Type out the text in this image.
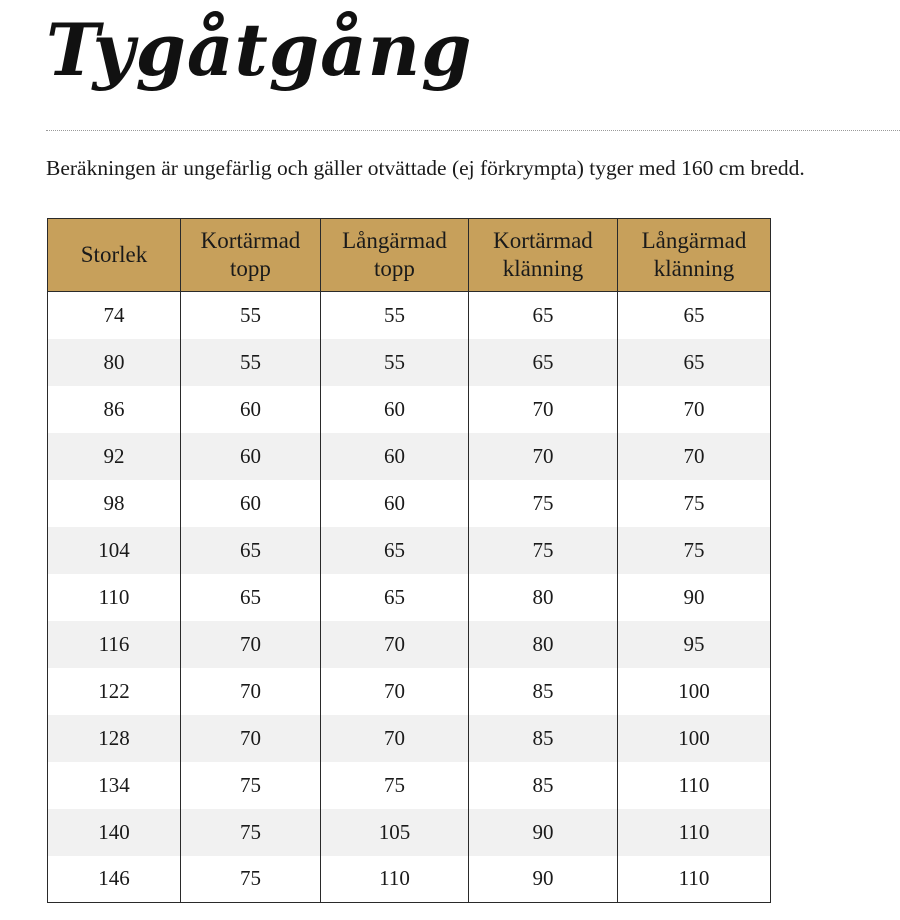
Tygåtgång

Beräkningen är ungefärlig och gäller otvättade (ej förkrympta) tyger med 160 cm bredd.

Storlek	Kortärmad topp	Långärmad topp	Kortärmad klänning	Långärmad klänning
74	55	55	65	65
80	55	55	65	65
86	60	60	70	70
92	60	60	70	70
98	60	60	75	75
104	65	65	75	75
110	65	65	80	90
116	70	70	80	95
122	70	70	85	100
128	70	70	85	100
134	75	75	85	110
140	75	105	90	110
146	75	110	90	110
